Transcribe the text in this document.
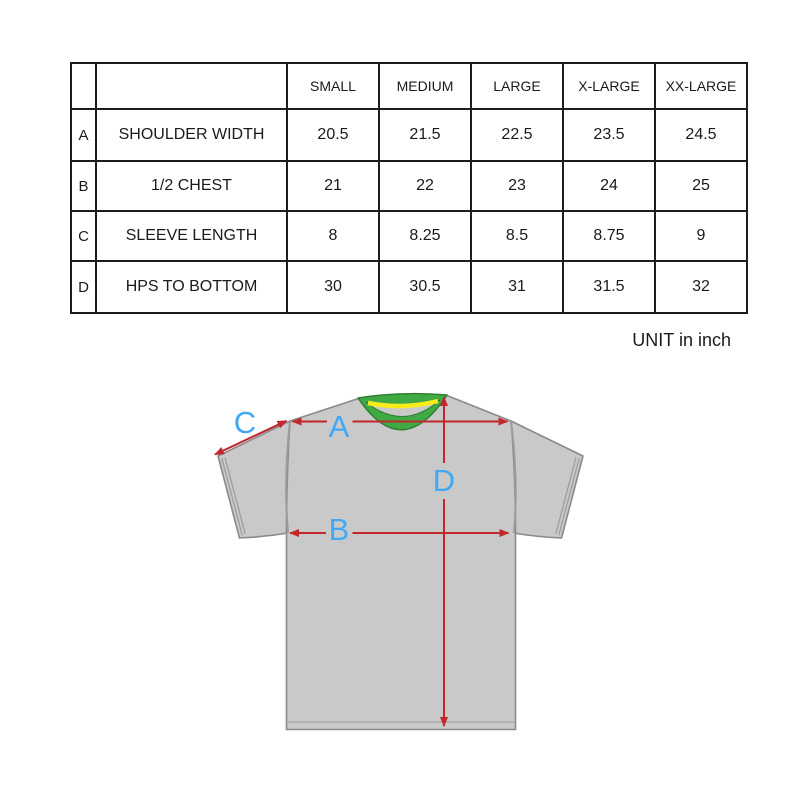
		SMALL	MEDIUM	LARGE	X-LARGE	XX-LARGE
A	SHOULDER WIDTH	20.5	21.5	22.5	23.5	24.5
B	1/2 CHEST	21	22	23	24	25
C	SLEEVE LENGTH	8	8.25	8.5	8.75	9
D	HPS TO BOTTOM	30	30.5	31	31.5	32
UNIT in inch
C A
D
B
